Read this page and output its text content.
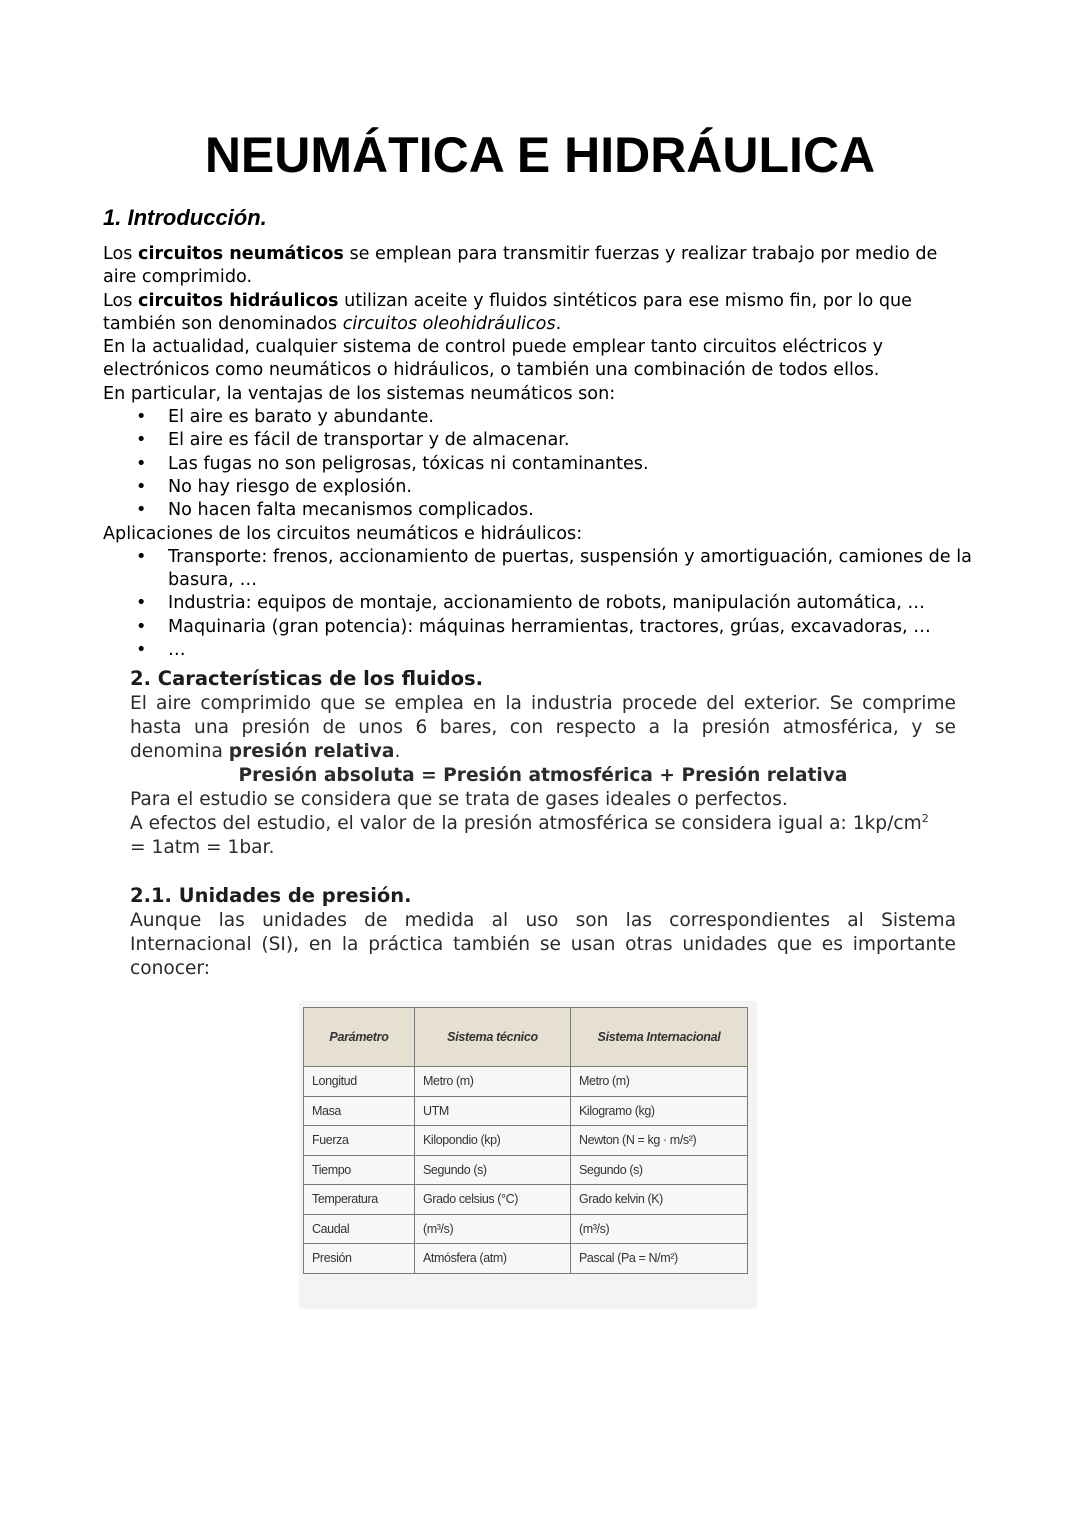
NEUMÁTICA E HIDRÁULICA
1. Introducción.

Los circuitos neumáticos se emplean para transmitir fuerzas y realizar trabajo por medio de aire comprimido.

Los circuitos hidráulicos utilizan aceite y fluidos sintéticos para ese mismo fin, por lo que también son denominados circuitos oleohidráulicos.

En la actualidad, cualquier sistema de control puede emplear tanto circuitos eléctricos y electrónicos como neumáticos o hidráulicos, o también una combinación de todos ellos.

En particular, la ventajas de los sistemas neumáticos son:

• El aire es barato y abundante.
• El aire es fácil de transportar y de almacenar.
• Las fugas no son peligrosas, tóxicas ni contaminantes.
• No hay riesgo de explosión.
• No hacen falta mecanismos complicados.

Aplicaciones de los circuitos neumáticos e hidráulicos:

• Transporte: frenos, accionamiento de puertas, suspensión y amortiguación, camiones de la basura, …
• Industria: equipos de montaje, accionamiento de robots, manipulación automática, …
• Maquinaria (gran potencia): máquinas herramientas, tractores, grúas, excavadoras, …
• …
2. Características de los fluidos.

El aire comprimido que se emplea en la industria procede del exterior. Se comprime hasta una presión de unos 6 bares, con respecto a la presión atmosférica, y se denomina presión relativa.

Presión absoluta = Presión atmosférica + Presión relativa

Para el estudio se considera que se trata de gases ideales o perfectos.

A efectos del estudio, el valor de la presión atmosférica se considera igual a: $1kp/cm^2$
= 1atm = 1bar.

2.1. Unidades de presión.

Aunque las unidades de medida al uso son las correspondientes al Sistema Internacional (SI), en la práctica también se usan otras unidades que es importante conocer:

Parámetro	Sistema técnico	Sistema Internacional
Longitud	Metro (m)	Metro (m)
Masa	UTM	Kilogramo (kg)
Fuerza	Kilopondio (kp)	Newton (N = kg · m/s²)
Tiempo	Segundo (s)	Segundo (s)
Temperatura	Grado celsius (°C)	Grado kelvin (K)
Caudal	(m³/s)	(m³/s)
Presión	Atmósfera (atm)	Pascal (Pa = N/m²)
